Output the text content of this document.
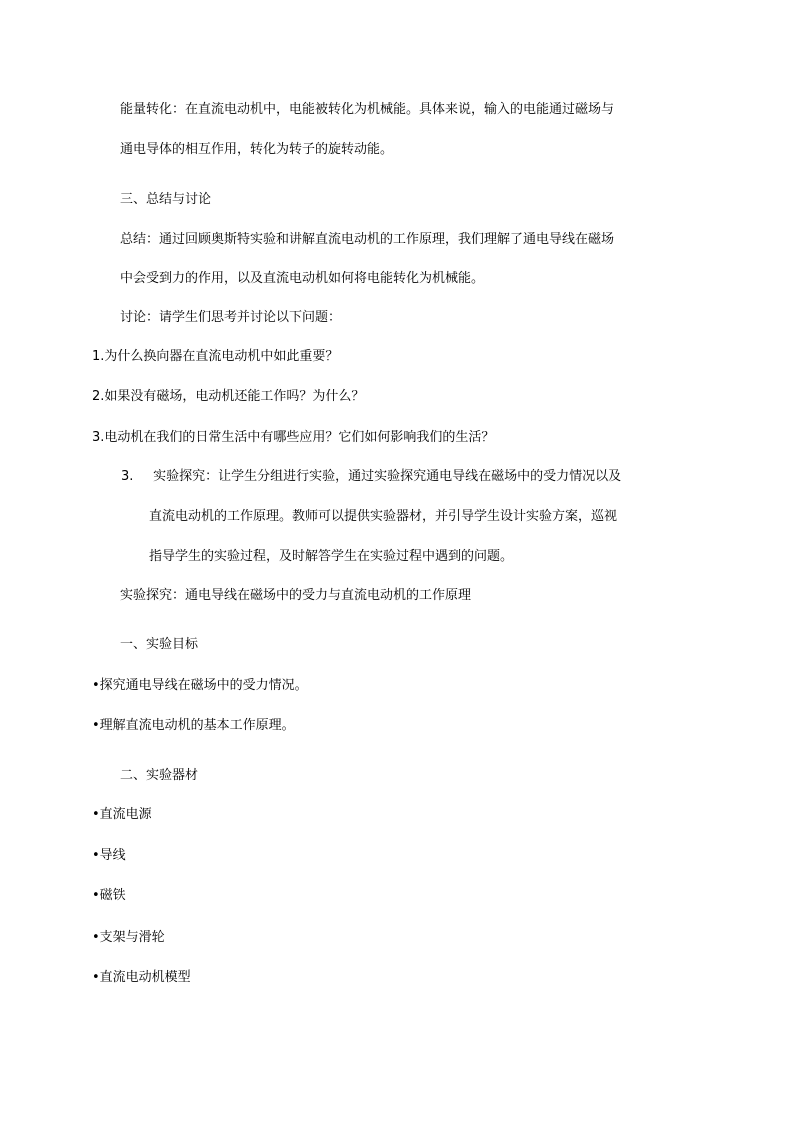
能量转化：在直流电动机中，电能被转化为机械能。具体来说，输入的电能通过磁场与
通电导体的相互作用，转化为转子的旋转动能。
三、总结与讨论
总结：通过回顾奥斯特实验和讲解直流电动机的工作原理，我们理解了通电导线在磁场
中会受到力的作用，以及直流电动机如何将电能转化为机械能。
讨论：请学生们思考并讨论以下问题：
1.为什么换向器在直流电动机中如此重要？
2.如果没有磁场，电动机还能工作吗？为什么？
3.电动机在我们的日常生活中有哪些应用？它们如何影响我们的生活？
3. 实验探究：让学生分组进行实验，通过实验探究通电导线在磁场中的受力情况以及
直流电动机的工作原理。教师可以提供实验器材，并引导学生设计实验方案，巡视
指导学生的实验过程，及时解答学生在实验过程中遇到的问题。
实验探究：通电导线在磁场中的受力与直流电动机的工作原理
一、实验目标
•探究通电导线在磁场中的受力情况。
•理解直流电动机的基本工作原理。
二、实验器材
•直流电源
•导线
•磁铁
•支架与滑轮
•直流电动机模型
